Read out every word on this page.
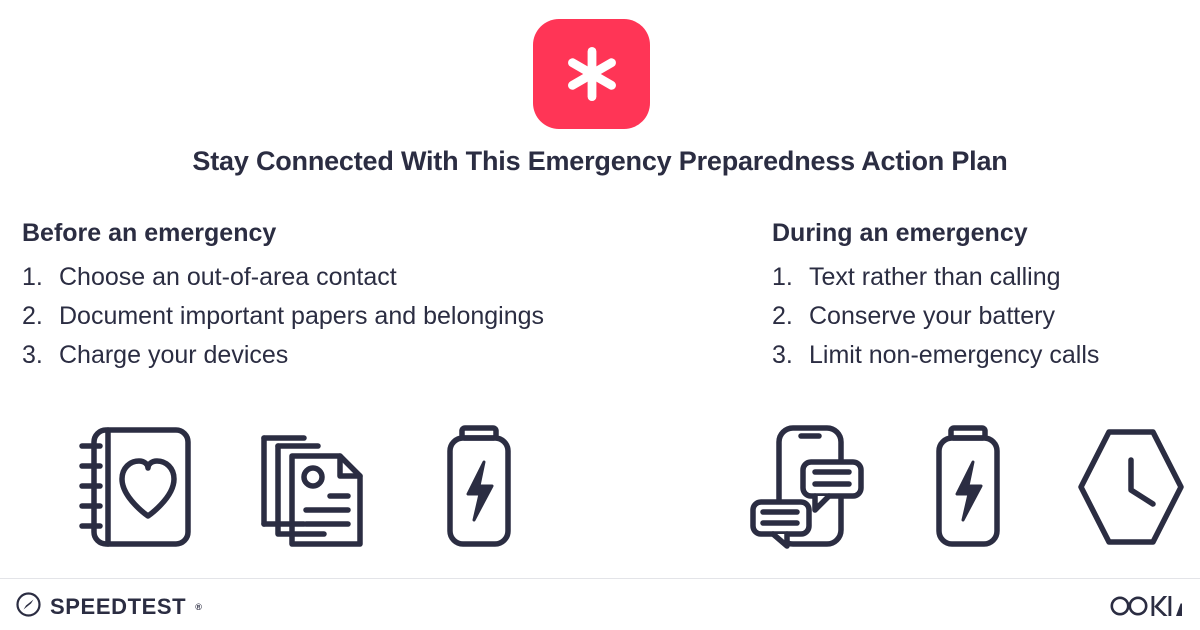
Stay Connected With This Emergency Preparedness Action Plan
Before an emergency
1. Choose an out-of-area contact
2. Document important papers and belongings
3. Charge your devices
During an emergency
1. Text rather than calling
2. Conserve your battery
3. Limit non-emergency calls
SPEEDTEST ®
